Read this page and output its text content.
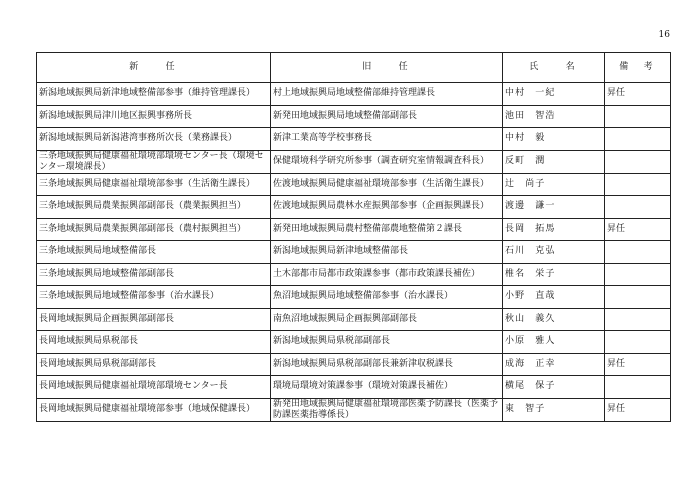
16
新　　任	旧　　任	氏　　名	備　考
新潟地域振興局新津地域整備部参事（維持管理課長）	村上地域振興局地域整備部維持管理課長	中村　一紀	昇任
新潟地域振興局津川地区振興事務所長	新発田地域振興局地域整備部副部長	池田　智浩	
新潟地域振興局新潟港湾事務所次長（業務課長）	新津工業高等学校事務長	中村　毅	
三条地域振興局健康福祉環境部環境センター長（環境センター環境課長）	保健環境科学研究所参事（調査研究室情報調査科長）	反町　潤	
三条地域振興局健康福祉環境部参事（生活衛生課長）	佐渡地域振興局健康福祉環境部参事（生活衛生課長）	辻　尚子	
三条地域振興局農業振興部副部長（農業振興担当）	佐渡地域振興局農林水産振興部参事（企画振興課長）	渡邊　謙一	
三条地域振興局農業振興部副部長（農村振興担当）	新発田地域振興局農村整備部農地整備第２課長	長岡　拓馬	昇任
三条地域振興局地域整備部長	新潟地域振興局新津地域整備部長	石川　克弘	
三条地域振興局地域整備部副部長	土木部都市局都市政策課参事（都市政策課長補佐）	椎名　栄子	
三条地域振興局地域整備部参事（治水課長）	魚沼地域振興局地域整備部参事（治水課長）	小野　直哉	
長岡地域振興局企画振興部副部長	南魚沼地域振興局企画振興部副部長	秋山　義久	
長岡地域振興局県税部長	新潟地域振興局県税部副部長	小原　雅人	
長岡地域振興局県税部副部長	新潟地域振興局県税部副部長兼新津収税課長	成海　正幸	昇任
長岡地域振興局健康福祉環境部環境センター長	環境局環境対策課参事（環境対策課長補佐）	横尾　保子	
長岡地域振興局健康福祉環境部参事（地域保健課長）	新発田地域振興局健康福祉環境部医薬予防課長（医薬予防課医薬指導係長）	東　智子	昇任
